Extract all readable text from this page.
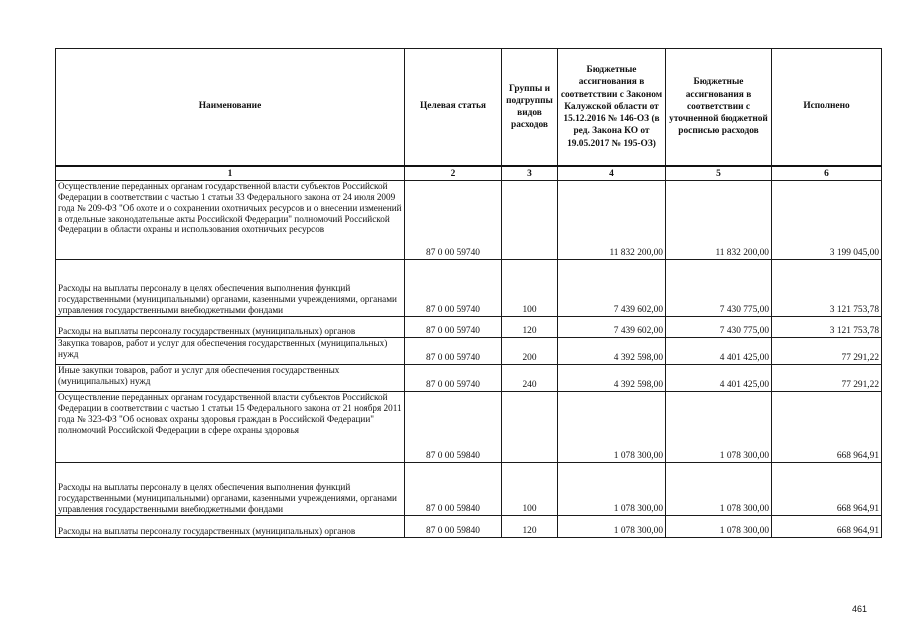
Наименование	Целевая статья	Группы и подгруппы видов расходов	Бюджетные ассигнования в соответствии с Законом Калужской области от 15.12.2016 № 146-ОЗ (в ред. Закона КО от 19.05.2017 № 195-ОЗ)	Бюджетные ассигнования в соответствии с уточненной бюджетной росписью расходов	Исполнено
1	2	3	4	5	6
Осуществление переданных органам государственной власти субъектов Российской Федерации в соответствии с частью 1 статьи 33 Федерального закона от 24 июля 2009 года № 209-ФЗ "Об охоте и о сохранении охотничьих ресурсов и о внесении изменений в отдельные законодательные акты Российской Федерации" полномочий Российской Федерации в области охраны и использования охотничьих ресурсов	87 0 00 59740		11 832 200,00	11 832 200,00	3 199 045,00
Расходы на выплаты персоналу в целях обеспечения выполнения функций государственными (муниципальными) органами, казенными учреждениями, органами управления государственными внебюджетными фондами	87 0 00 59740	100	7 439 602,00	7 430 775,00	3 121 753,78
Расходы на выплаты персоналу государственных (муниципальных) органов	87 0 00 59740	120	7 439 602,00	7 430 775,00	3 121 753,78
Закупка товаров, работ и услуг для обеспечения государственных (муниципальных) нужд	87 0 00 59740	200	4 392 598,00	4 401 425,00	77 291,22
Иные закупки товаров, работ и услуг для обеспечения государственных (муниципальных) нужд	87 0 00 59740	240	4 392 598,00	4 401 425,00	77 291,22
Осуществление переданных органам государственной власти субъектов Российской Федерации в соответствии с частью 1 статьи 15 Федерального закона от 21 ноября 2011 года № 323-ФЗ "Об основах охраны здоровья граждан в Российской Федерации" полномочий Российской Федерации в сфере охраны здоровья	87 0 00 59840		1 078 300,00	1 078 300,00	668 964,91
Расходы на выплаты персоналу в целях обеспечения выполнения функций государственными (муниципальными) органами, казенными учреждениями, органами управления государственными внебюджетными фондами	87 0 00 59840	100	1 078 300,00	1 078 300,00	668 964,91
Расходы на выплаты персоналу государственных (муниципальных) органов	87 0 00 59840	120	1 078 300,00	1 078 300,00	668 964,91
461
